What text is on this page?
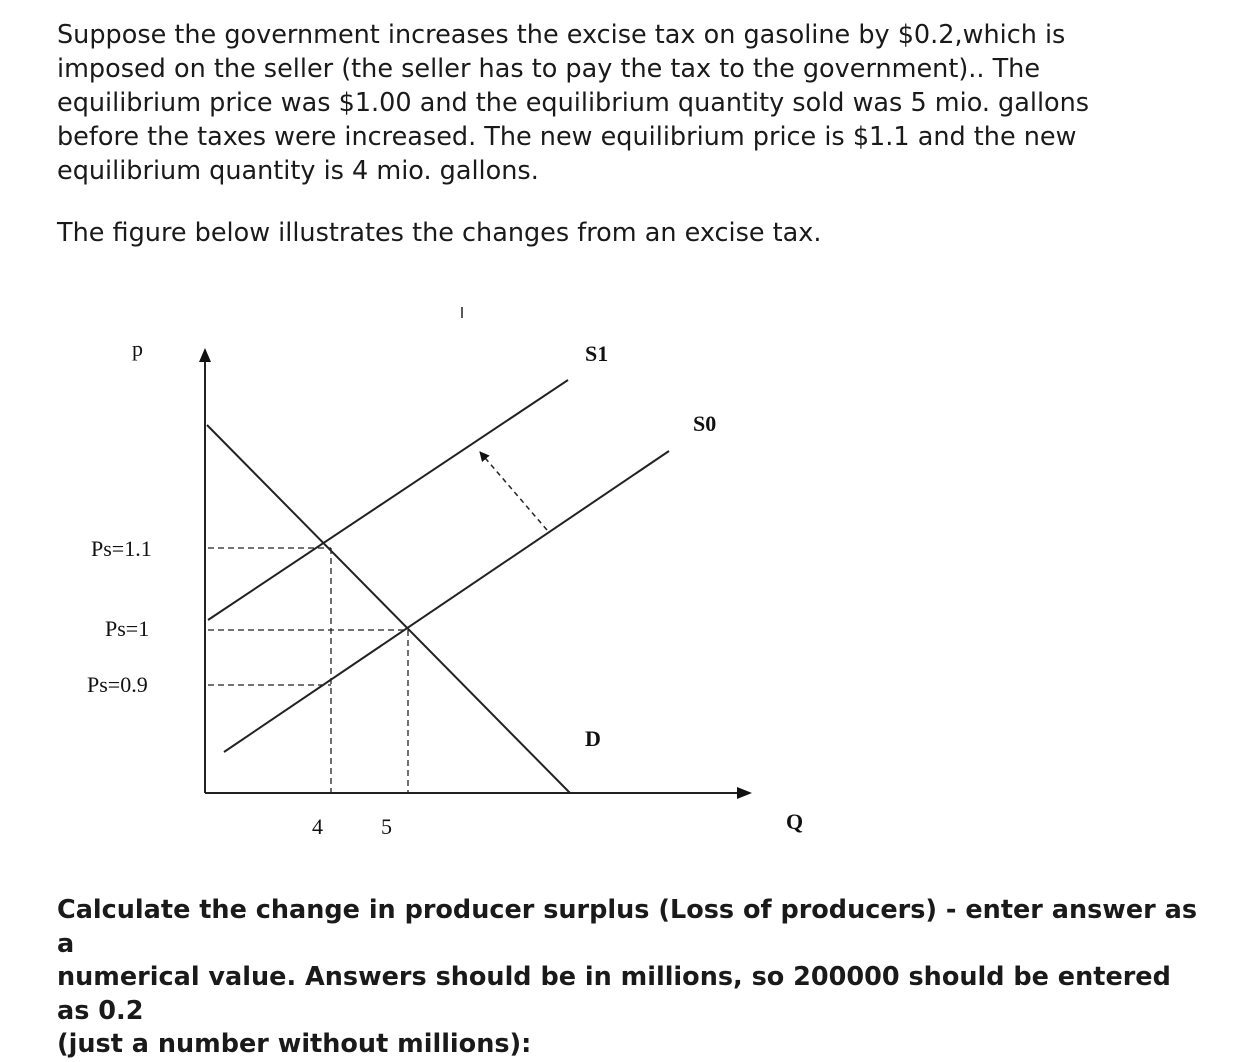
Suppose the government increases the excise tax on gasoline by $0.2,which is
imposed on the seller (the seller has to pay the tax to the government).. The
equilibrium price was $1.00 and the equilibrium quantity sold was 5 mio. gallons
before the taxes were increased. The new equilibrium price is $1.1 and the new
equilibrium quantity is 4 mio. gallons.

The figure below illustrates the changes from an excise tax.

p
Q
Ps=1.1
Ps=1
Ps=0.9
4	5
S1
S0
D

Calculate the change in producer surplus (Loss of producers) - enter answer as a
numerical value. Answers should be in millions, so 200000 should be entered as 0.2
(just a number without millions):
